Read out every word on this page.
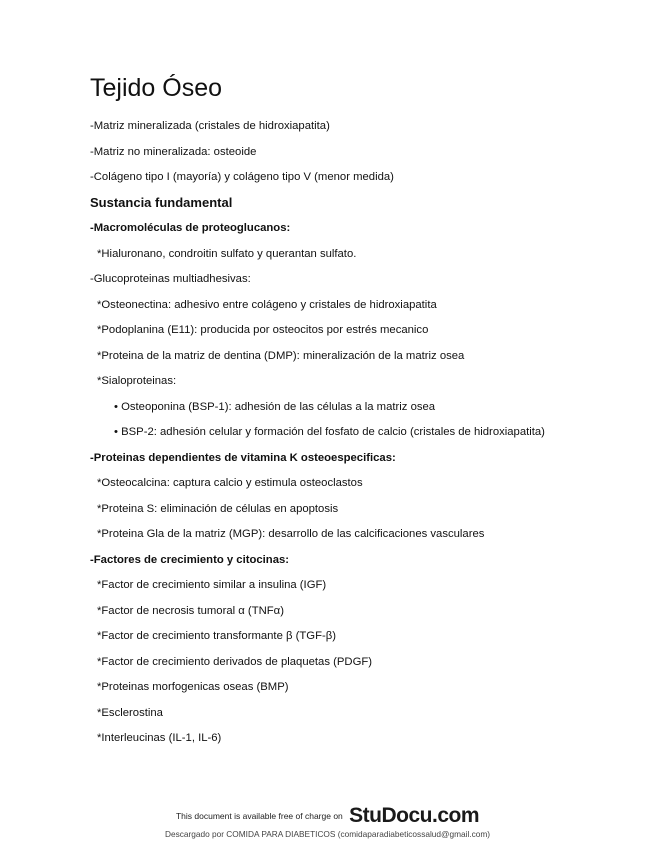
Tejido Óseo
-Matriz mineralizada (cristales de hidroxiapatita)
-Matriz no mineralizada: osteoide
-Colágeno tipo I (mayoría) y colágeno tipo V (menor medida)
Sustancia fundamental
-Macromoléculas de proteoglucanos:
*Hialuronano, condroitin sulfato y querantan sulfato.
-Glucoproteinas multiadhesivas:
*Osteonectina: adhesivo entre colágeno y cristales de hidroxiapatita
*Podoplanina (E11): producida por osteocitos por estrés mecanico
*Proteina de la matriz de dentina (DMP): mineralización de la matriz osea
*Sialoproteinas:
• Osteoponina (BSP-1): adhesión de las células a la matriz osea
• BSP-2: adhesión celular y formación del fosfato de calcio (cristales de hidroxiapatita)
-Proteinas dependientes de vitamina K osteoespecificas:
*Osteocalcina: captura calcio y estimula osteoclastos
*Proteina S: eliminación de células en apoptosis
*Proteina Gla de la matriz (MGP): desarrollo de las calcificaciones vasculares
-Factores de crecimiento y citocinas:
*Factor de crecimiento similar a insulina (IGF)
*Factor de necrosis tumoral α (TNFα)
*Factor de crecimiento transformante β (TGF-β)
*Factor de crecimiento derivados de plaquetas (PDGF)
*Proteinas morfogenicas oseas (BMP)
*Esclerostina
*Interleucinas (IL-1, IL-6)
This document is available free of charge on StuDocu.com
Descargado por COMIDA PARA DIABETICOS (comidaparadiabeticossalud@gmail.com)
